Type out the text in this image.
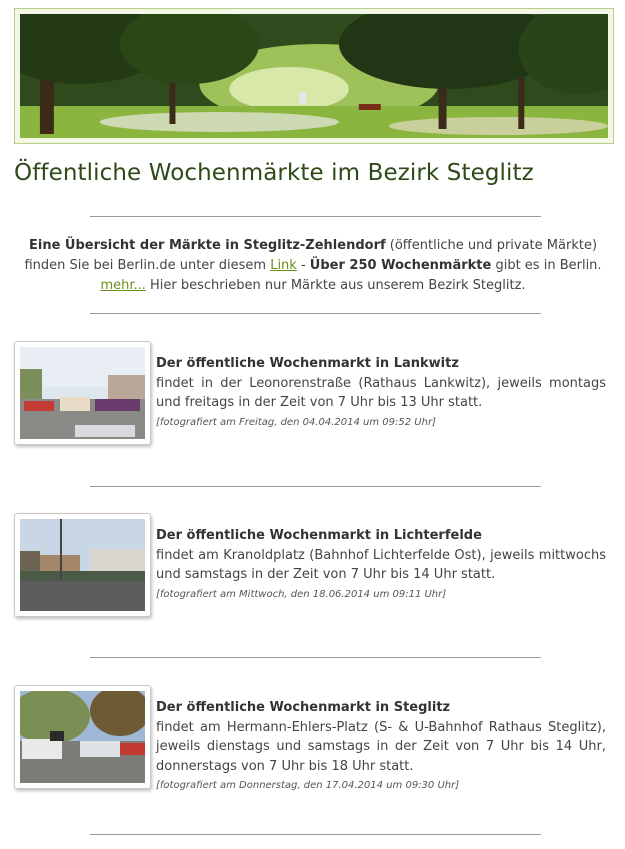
Öffentliche Wochenmärkte im Bezirk Steglitz
Eine Übersicht der Märkte in Steglitz-Zehlendorf (öffentliche und private Märkte) finden Sie bei Berlin.de unter diesem Link - Über 250 Wochenmärkte gibt es in Berlin.
mehr... Hier beschrieben nur Märkte aus unserem Bezirk Steglitz.
Der öffentliche Wochenmarkt in Lankwitz
findet in der Leonorenstraße (Rathaus Lankwitz), jeweils montags und freitags in der Zeit von 7 Uhr bis 13 Uhr statt.
[fotografiert am Freitag, den 04.04.2014 um 09:52 Uhr]
Der öffentliche Wochenmarkt in Lichterfelde
findet am Kranoldplatz (Bahnhof Lichterfelde Ost), jeweils mittwochs und samstags in der Zeit von 7 Uhr bis 14 Uhr statt.
[fotografiert am Mittwoch, den 18.06.2014 um 09:11 Uhr]
Der öffentliche Wochenmarkt in Steglitz
findet am Hermann-Ehlers-Platz (S- & U-Bahnhof Rathaus Steglitz), jeweils dienstags und samstags in der Zeit von 7 Uhr bis 14 Uhr, donnerstags von 7 Uhr bis 18 Uhr statt.
[fotografiert am Donnerstag, den 17.04.2014 um 09:30 Uhr]
